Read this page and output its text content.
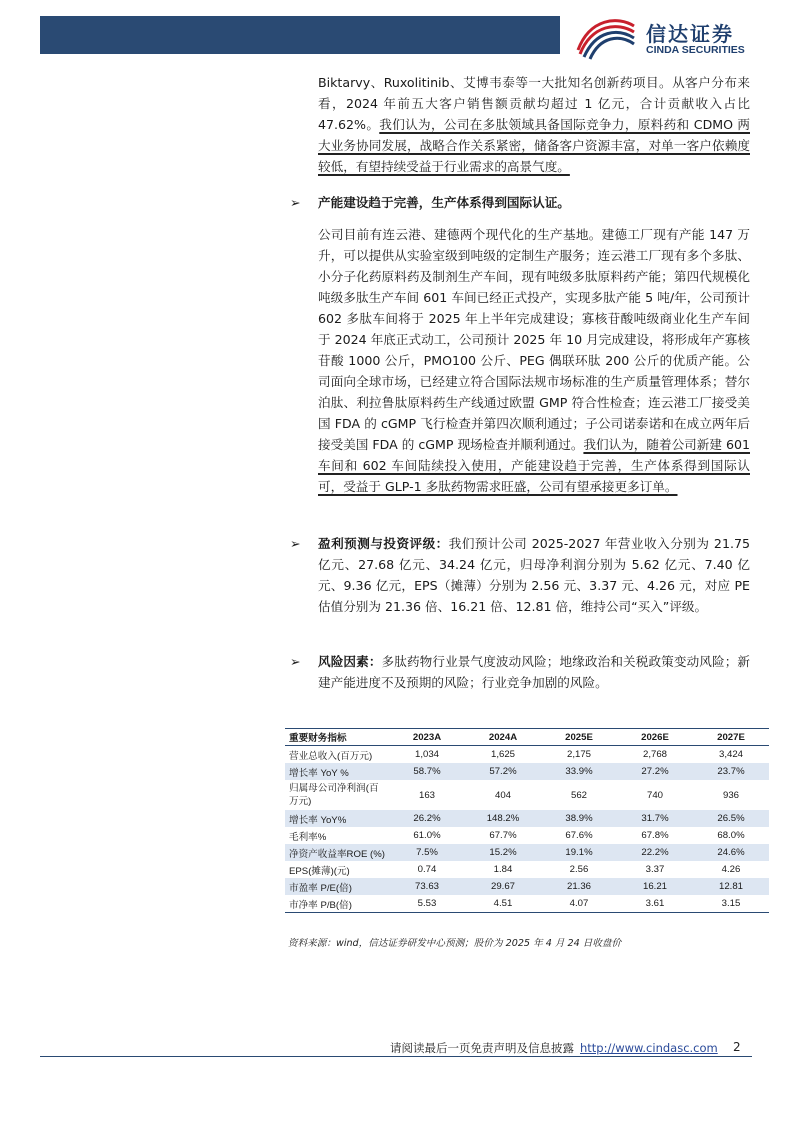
信达证券
CINDA SECURITIES

Biktarvy、Ruxolitinib、艾博韦泰等一大批知名创新药项目。从客户分布来看，2024 年前五大客户销售额贡献均超过 1 亿元，合计贡献收入占比 47.62%。我们认为，公司在多肽领域具备国际竞争力，原料药和 CDMO 两大业务协同发展，战略合作关系紧密，储备客户资源丰富，对单一客户依赖度较低，有望持续受益于行业需求的高景气度。

➢ 产能建设趋于完善，生产体系得到国际认证。

公司目前有连云港、建德两个现代化的生产基地。建德工厂现有产能 147 万升，可以提供从实验室级到吨级的定制生产服务；连云港工厂现有多个多肽、小分子化药原料药及制剂生产车间，现有吨级多肽原料药产能；第四代规模化吨级多肽生产车间 601 车间已经正式投产，实现多肽产能 5 吨/年，公司预计 602 多肽车间将于 2025 年上半年完成建设；寡核苷酸吨级商业化生产车间于 2024 年底正式动工，公司预计 2025 年 10 月完成建设，将形成年产寡核苷酸 1000 公斤，PMO100 公斤、PEG 偶联环肽 200 公斤的优质产能。公司面向全球市场，已经建立符合国际法规市场标准的生产质量管理体系；替尔泊肽、利拉鲁肽原料药生产线通过欧盟 GMP 符合性检查；连云港工厂接受美国 FDA 的 cGMP 飞行检查并第四次顺利通过；子公司诺泰诺和在成立两年后接受美国 FDA 的 cGMP 现场检查并顺利通过。我们认为，随着公司新建 601 车间和 602 车间陆续投入使用，产能建设趋于完善，生产体系得到国际认可，受益于 GLP-1 多肽药物需求旺盛，公司有望承接更多订单。

➢ 盈利预测与投资评级：我们预计公司 2025-2027 年营业收入分别为 21.75 亿元、27.68 亿元、34.24 亿元，归母净利润分别为 5.62 亿元、7.40 亿元、9.36 亿元，EPS（摊薄）分别为 2.56 元、3.37 元、4.26 元，对应 PE 估值分别为 21.36 倍、16.21 倍、12.81 倍，维持公司“买入”评级。
➢ 风险因素：多肽药物行业景气度波动风险；地缘政治和关税政策变动风险；新建产能进度不及预期的风险；行业竞争加剧的风险。
重要财务指标	2023A	2024A	2025E	2026E	2027E
营业总收入(百万元)	1,034	1,625	2,175	2,768	3,424
增长率 YoY %	58.7%	57.2%	33.9%	27.2%	23.7%
归属母公司净利润(百万元)	163	404	562	740	936
增长率 YoY%	26.2%	148.2%	38.9%	31.7%	26.5%
毛利率%	61.0%	67.7%	67.6%	67.8%	68.0%
净资产收益率ROE (%)	7.5%	15.2%	19.1%	22.2%	24.6%
EPS(摊薄)(元)	0.74	1.84	2.56	3.37	4.26
市盈率 P/E(倍)	73.63	29.67	21.36	16.21	12.81
市净率 P/B(倍)	5.53	4.51	4.07	3.61	3.15
资料来源：wind，信达证券研发中心预测；股价为 2025 年 4 月 24 日收盘价
请阅读最后一页免责声明及信息披露 http://www.cindasc.com 2
